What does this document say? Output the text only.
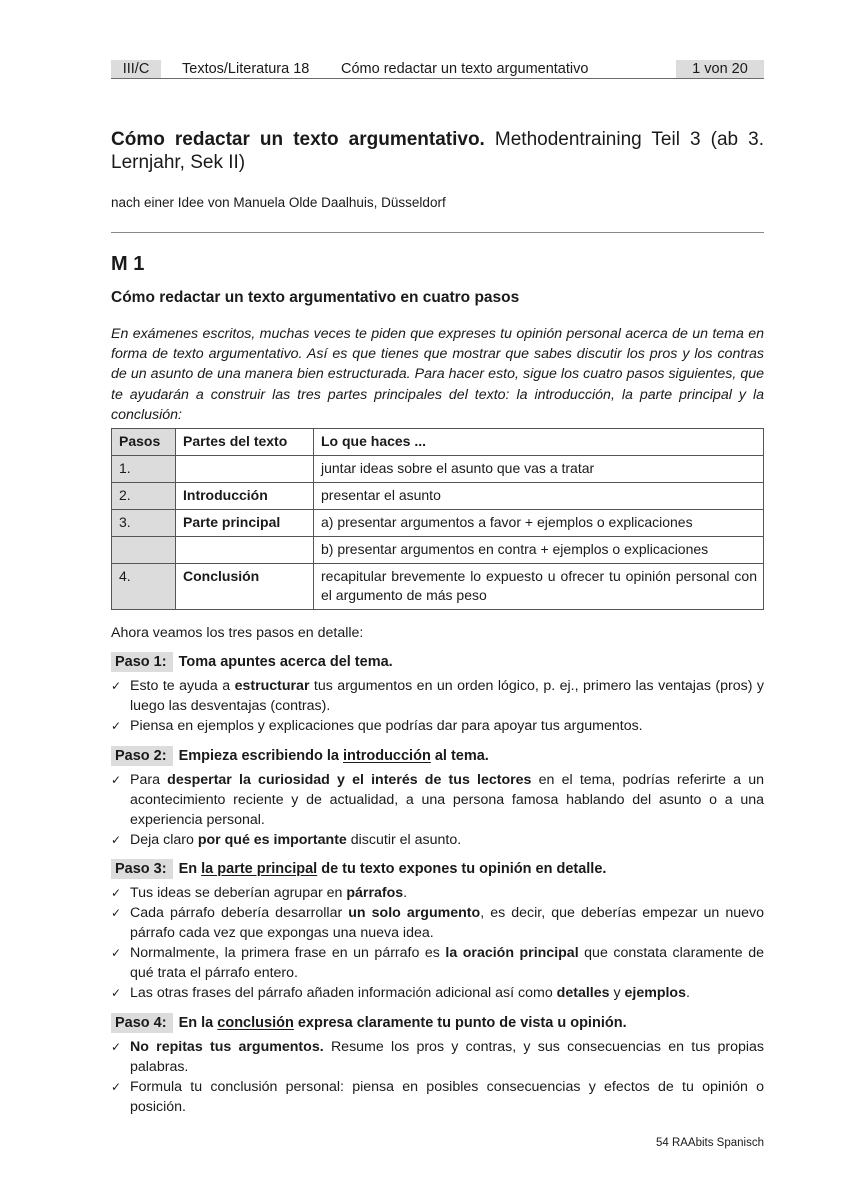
III/C	Textos/Literatura 18 Cómo redactar un texto argumentativo	1 von 20
Cómo redactar un texto argumentativo. Methodentraining Teil 3 (ab 3. Lernjahr, Sek II)
nach einer Idee von Manuela Olde Daalhuis, Düsseldorf
M 1
Cómo redactar un texto argumentativo en cuatro pasos
En exámenes escritos, muchas veces te piden que expreses tu opinión personal acerca de un tema en forma de texto argumentativo. Así es que tienes que mostrar que sabes discutir los pros y los contras de un asunto de una manera bien estructurada. Para hacer esto, sigue los cuatro pasos siguientes, que te ayudarán a construir las tres partes principales del texto: la introducción, la parte principal y la conclusión:
Pasos	Partes del texto	Lo que haces ...
1.		juntar ideas sobre el asunto que vas a tratar
2.	Introducción	presentar el asunto
3.	Parte principal	a) presentar argumentos a favor + ejemplos o explicaciones
		b) presentar argumentos en contra + ejemplos o explicaciones
4.	Conclusión	recapitular brevemente lo expuesto u ofrecer tu opinión personal con el argumento de más peso
Ahora veamos los tres pasos en detalle:
Paso 1: Toma apuntes acerca del tema.
✓ Esto te ayuda a estructurar tus argumentos en un orden lógico, p. ej., primero las ventajas (pros) y luego las desventajas (contras).
✓ Piensa en ejemplos y explicaciones que podrías dar para apoyar tus argumentos.
Paso 2: Empieza escribiendo la introducción al tema.
✓ Para despertar la curiosidad y el interés de tus lectores en el tema, podrías referirte a un acontecimiento reciente y de actualidad, a una persona famosa hablando del asunto o a una experiencia personal.
✓ Deja claro por qué es importante discutir el asunto.
Paso 3: En la parte principal de tu texto expones tu opinión en detalle.
✓ Tus ideas se deberían agrupar en párrafos.
✓ Cada párrafo debería desarrollar un solo argumento, es decir, que deberías empezar un nuevo párrafo cada vez que expongas una nueva idea.
✓ Normalmente, la primera frase en un párrafo es la oración principal que constata claramente de qué trata el párrafo entero.
✓ Las otras frases del párrafo añaden información adicional así como detalles y ejemplos.
Paso 4: En la conclusión expresa claramente tu punto de vista u opinión.
✓ No repitas tus argumentos. Resume los pros y contras, y sus consecuencias en tus propias palabras.
✓ Formula tu conclusión personal: piensa en posibles consecuencias y efectos de tu opinión o posición.
54 RAAbits Spanisch
